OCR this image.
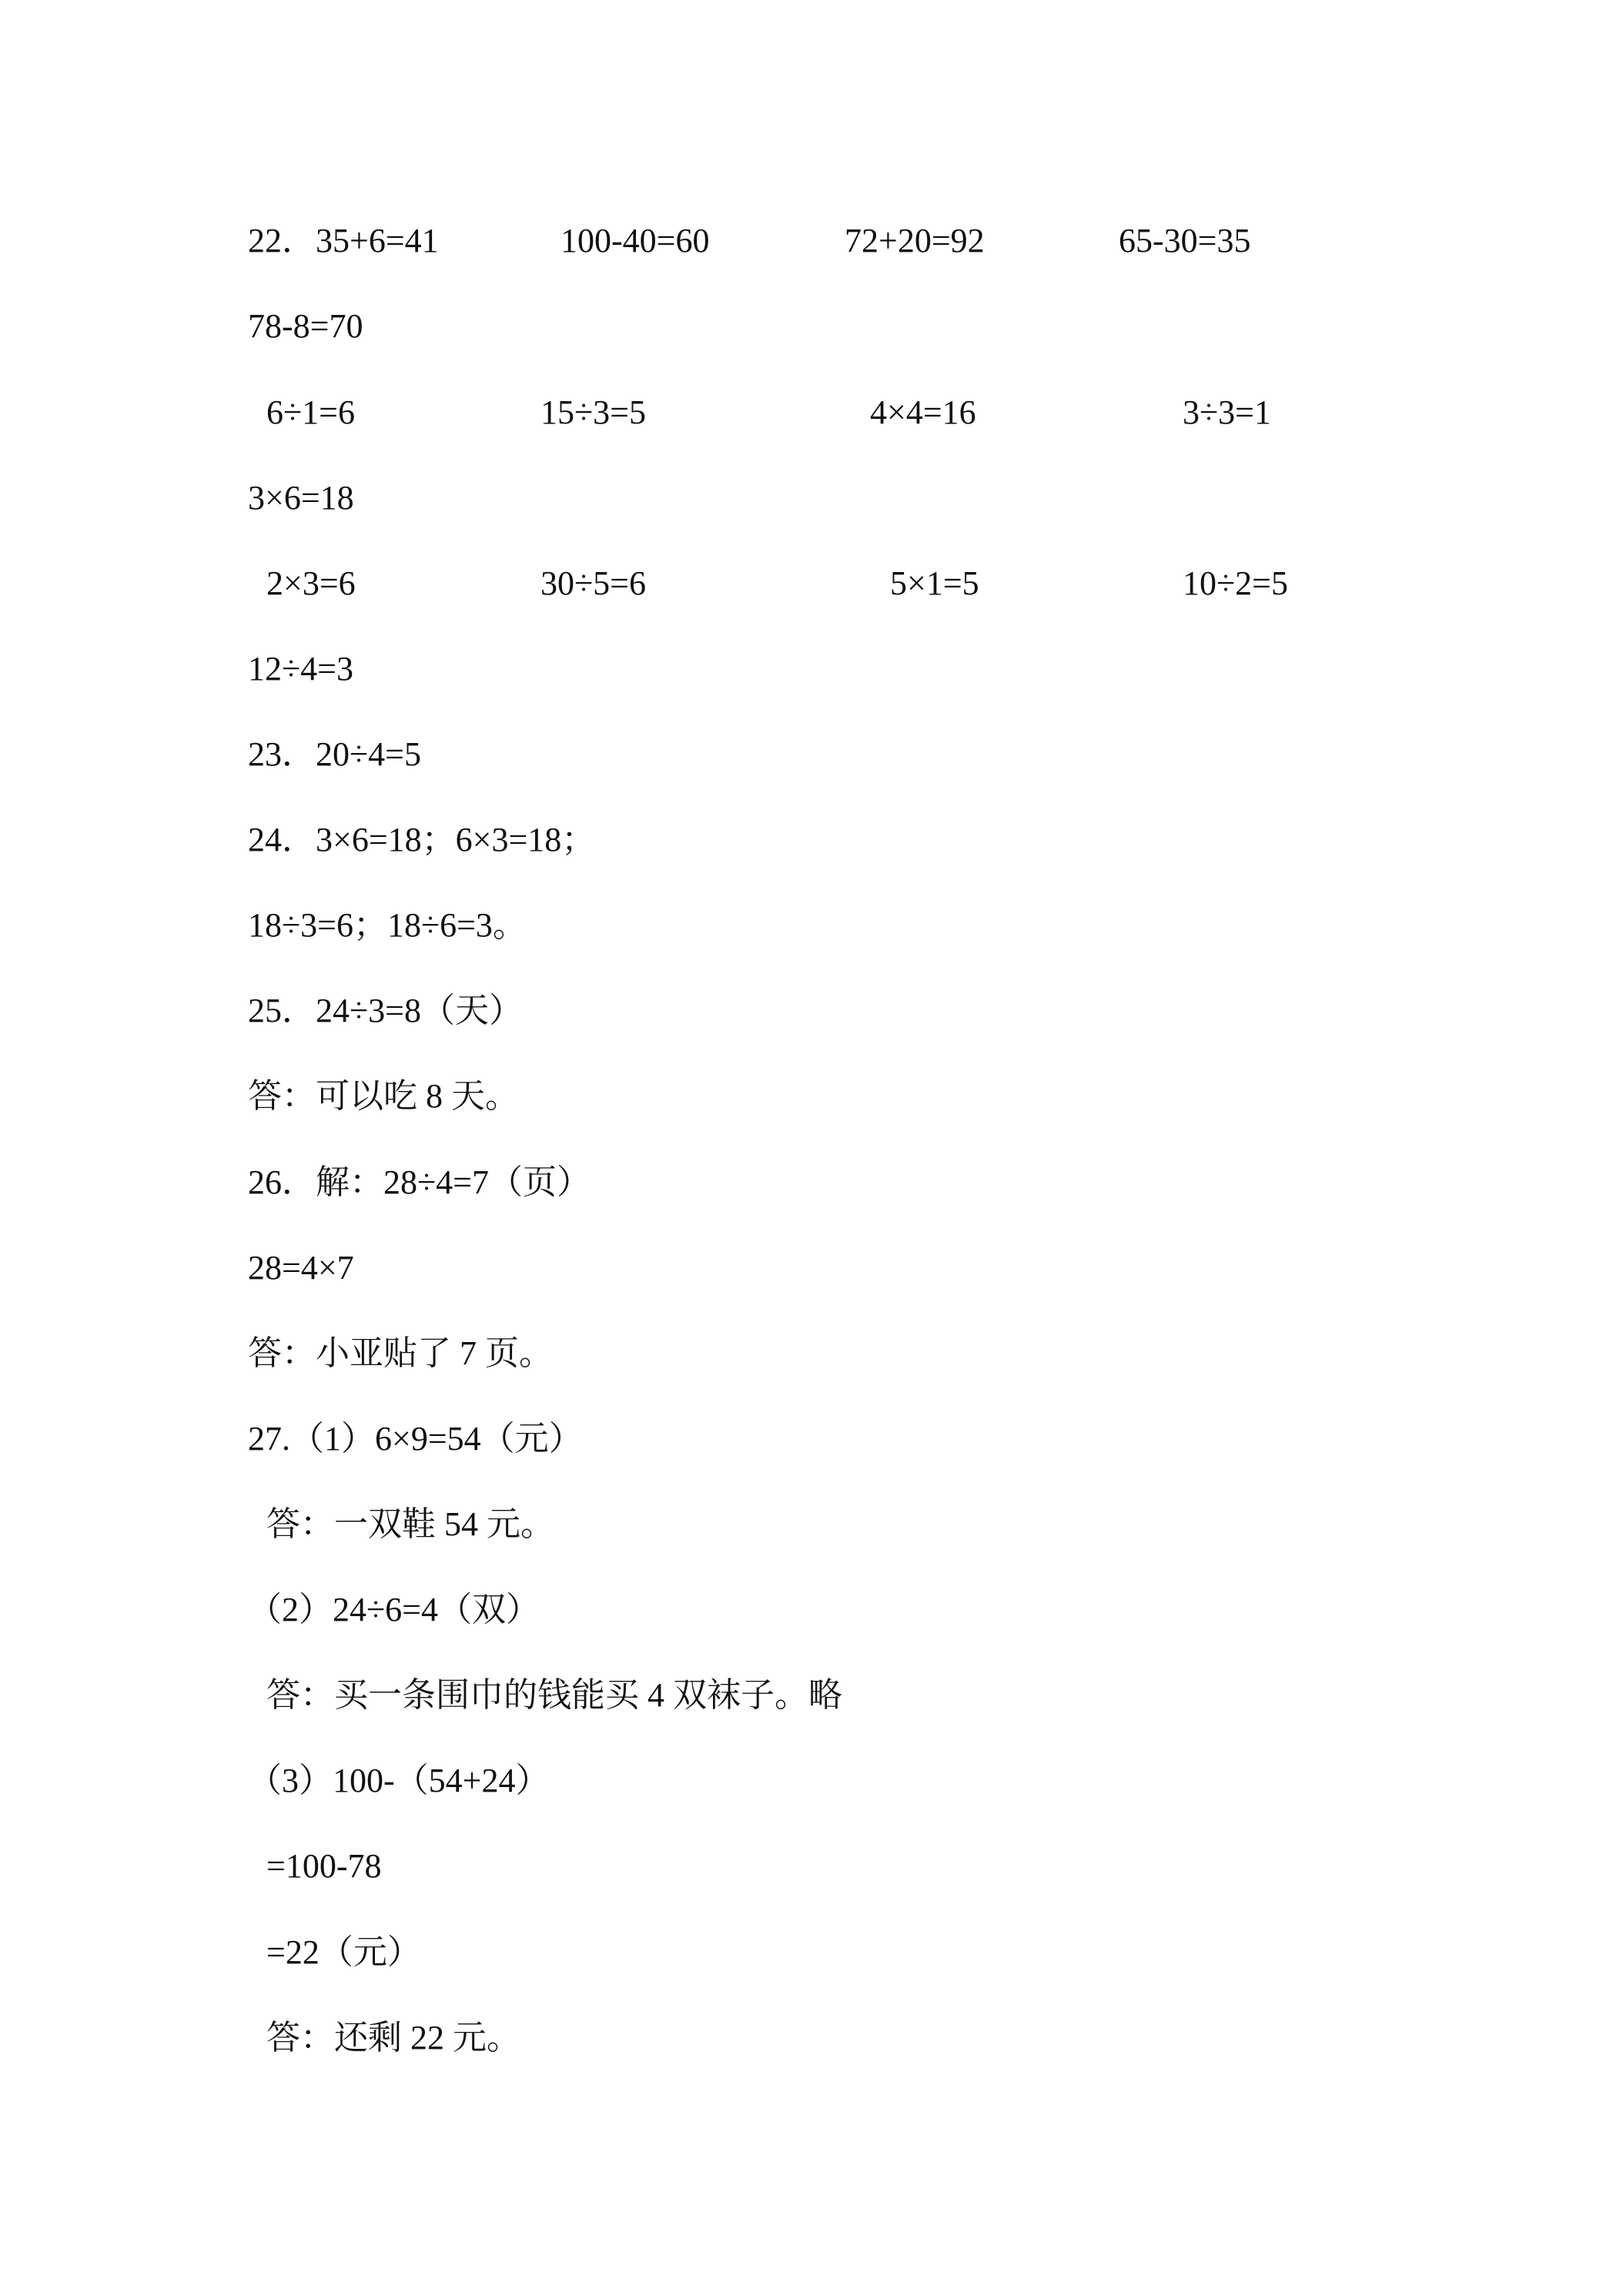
22．35+6=41	100-40=60	72+20=92	65-30=35
78-8=70
6÷1=6	15÷3=5	4×4=16	3÷3=1
3×6=18
2×3=6	30÷5=6	5×1=5	10÷2=5
12÷4=3
23．20÷4=5
24．3×6=18；6×3=18；
18÷3=6；18÷6=3。
25．24÷3=8（天）
答：可以吃 8 天。
26．解：28÷4=7（页）
28=4×7
答：小亚贴了 7 页。
27.（1）6×9=54（元）
答：一双鞋 54 元。
（2）24÷6=4（双）
答：买一条围巾的钱能买 4 双袜子。略
（3）100-（54+24）
=100-78
=22（元）
答：还剩 22 元。
